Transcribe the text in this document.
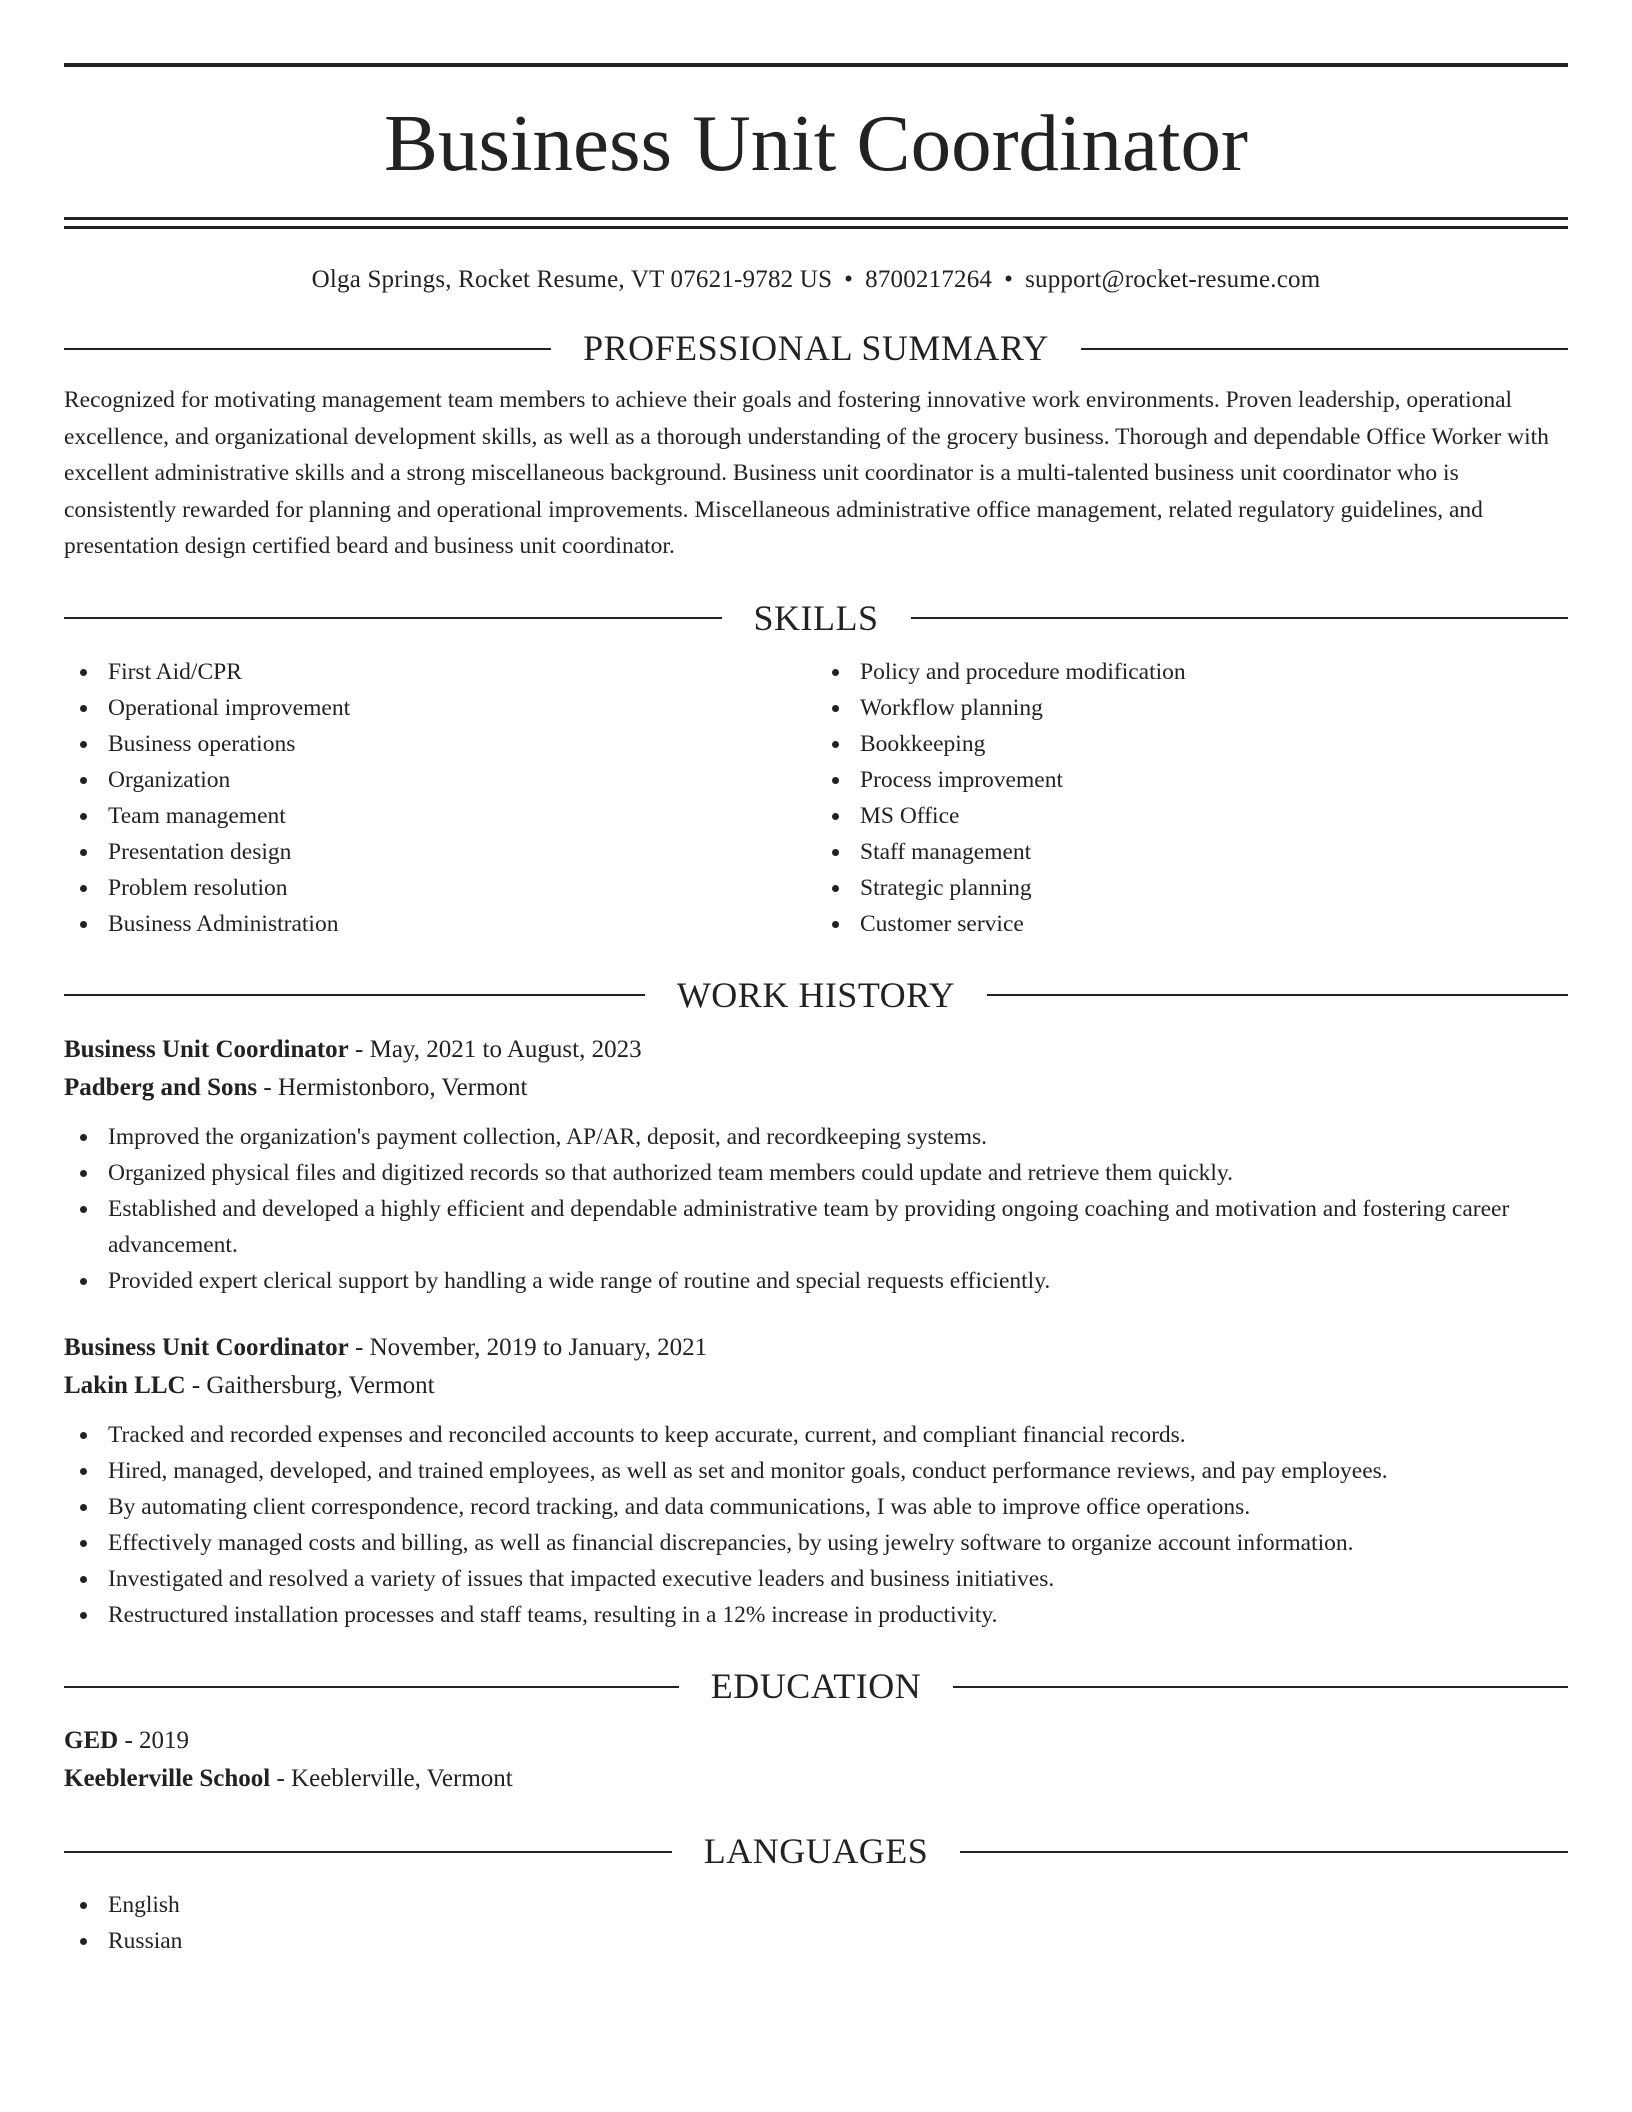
Business Unit Coordinator
Olga Springs, Rocket Resume, VT 07621-9782 US • 8700217264 • support@rocket-resume.com
PROFESSIONAL SUMMARY

Recognized for motivating management team members to achieve their goals and fostering innovative work environments. Proven leadership, operational excellence, and organizational development skills, as well as a thorough understanding of the grocery business. Thorough and dependable Office Worker with excellent administrative skills and a strong miscellaneous background. Business unit coordinator is a multi-talented business unit coordinator who is consistently rewarded for planning and operational improvements. Miscellaneous administrative office management, related regulatory guidelines, and presentation design certified beard and business unit coordinator.

SKILLS
First Aid/CPR
Operational improvement
Business operations
Organization
Team management
Presentation design
Problem resolution
Business Administration
Policy and procedure modification
Workflow planning
Bookkeeping
Process improvement
MS Office
Staff management
Strategic planning
Customer service
WORK HISTORY
Business Unit Coordinator - May, 2021 to August, 2023
Padberg and Sons - Hermistonboro, Vermont
Improved the organization's payment collection, AP/AR, deposit, and recordkeeping systems.
Organized physical files and digitized records so that authorized team members could update and retrieve them quickly.
Established and developed a highly efficient and dependable administrative team by providing ongoing coaching and motivation and fostering career advancement.
Provided expert clerical support by handling a wide range of routine and special requests efficiently.
Business Unit Coordinator - November, 2019 to January, 2021
Lakin LLC - Gaithersburg, Vermont
Tracked and recorded expenses and reconciled accounts to keep accurate, current, and compliant financial records.
Hired, managed, developed, and trained employees, as well as set and monitor goals, conduct performance reviews, and pay employees.
By automating client correspondence, record tracking, and data communications, I was able to improve office operations.
Effectively managed costs and billing, as well as financial discrepancies, by using jewelry software to organize account information.
Investigated and resolved a variety of issues that impacted executive leaders and business initiatives.
Restructured installation processes and staff teams, resulting in a 12% increase in productivity.
EDUCATION
GED - 2019
Keeblerville School - Keeblerville, Vermont
LANGUAGES
English
Russian
